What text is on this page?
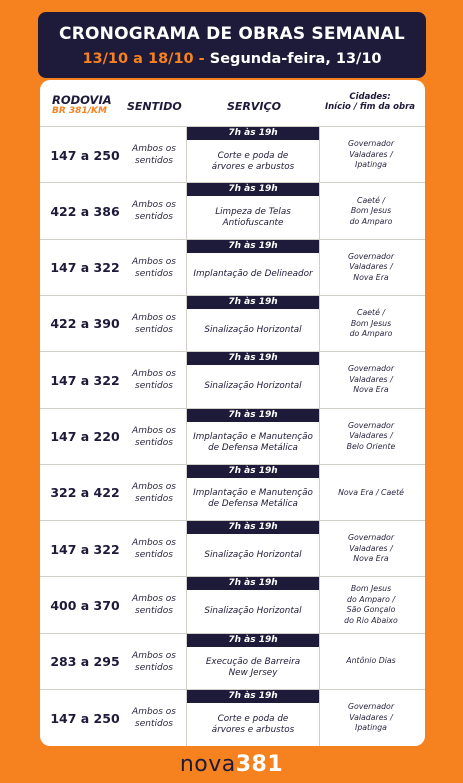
CRONOGRAMA DE OBRAS SEMANAL
13/10 a 18/10 - Segunda-feira, 13/10
RODOVIA
BR 381/KM	SENTIDO	SERVIÇO
Cidades:
Início / fim da obra
147 a 250 Ambos os
sentidos
Governador
Valadares /
Ipatinga
7h às 19h
Corte e poda de
árvores e arbustos
422 a 386 Ambos os
sentidos
Caeté /
Bom Jesus
do Amparo
7h às 19h
Limpeza de Telas
Antiofuscante
147 a 322 Ambos os
sentidos
Governador
Valadares /
Nova Era
7h às 19h
Implantação de Delineador
422 a 390 Ambos os
sentidos
Caeté /
Bom Jesus
do Amparo
7h às 19h
Sinalização Horizontal
147 a 322 Ambos os
sentidos
Governador
Valadares /
Nova Era
7h às 19h
Sinalização Horizontal
147 a 220 Ambos os
sentidos
Governador
Valadares /
Belo Oriente
7h às 19h
Implantação e Manutenção
de Defensa Metálica
322 a 422 Ambos os
sentidos
Nova Era / Caeté
7h às 19h
Implantação e Manutenção
de Defensa Metálica
147 a 322 Ambos os
sentidos
Governador
Valadares /
Nova Era
7h às 19h
Sinalização Horizontal
400 a 370 Ambos os
sentidos
Bom Jesus
do Amparo /
São Gonçalo
do Rio Abaixo
7h às 19h
Sinalização Horizontal
283 a 295 Ambos os
sentidos
Antônio Dias
7h às 19h
Execução de Barreira
New Jersey
147 a 250 Ambos os
sentidos
Governador
Valadares /
Ipatinga
7h às 19h
Corte e poda de
árvores e arbustos
nova381
